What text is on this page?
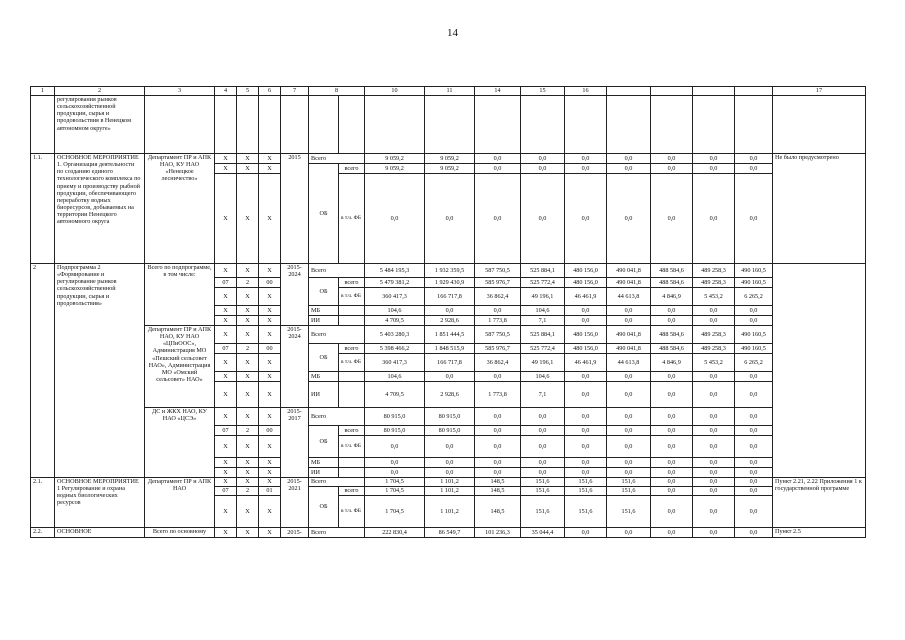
14
1	2	3	4	5	6	7	8		10	11	14	15	16					17
	регулирования рынков сельскохозяйственной продукции, сырья и продовольствия в Ненецком автономном округе»																	
1.1.	ОСНОВНОЕ МЕРОПРИЯТИЕ 1. Организация деятельности по созданию единого технологического комплекса по приему и производству рыбной продукции, обеспечивающего переработку водных биоресурсов, добываемых на территории Ненецкого автономного округа	Департамент ПР и АПК НАО, КУ НАО «Ненецкое лесничество»	X	X	X	2015	Всего		9 059,2	9 059,2	0,0	0,0	0,0	0,0	0,0	0,0	0,0	Не было предусмотрено
			X	X	X		ОБ	всего	9 059,2	9 059,2	0,0	0,0	0,0	0,0	0,0	0,0	0,0	
			X	X	X			в т.ч. ФБ	0,0	0,0	0,0	0,0	0,0	0,0	0,0	0,0	0,0	
2	Подпрограмма 2 «Формирование и регулирование рынков сельскохозяйственной продукции, сырья и продовольствия»	Всего по подпрограмме, в том числе:	X	X	X	2015-2024	Всего		5 484 195,3	1 932 359,5	587 750,5	525 884,1	480 156,0	490 041,8	488 584,6	489 258,3	490 160,5	
			07	2	00		ОБ	всего	5 479 381,2	1 929 430,9	585 976,7	525 772,4	480 156,0	490 041,8	488 584,6	489 258,3	490 160,5	
			X	X	X			в т.ч. ФБ	360 417,3	166 717,8	36 862,4	49 196,1	46 461,9	44 613,8	4 846,9	5 453,2	6 265,2	
			X	X	X		МБ		104,6	0,0	0,0	104,6	0,0	0,0	0,0	0,0	0,0	
			X	X	X		ИИ		4 709,5	2 928,6	1 773,8	7,1	0,0	0,0	0,0	0,0	0,0	
		Департамент ПР и АПК НАО, КУ НАО «ЦПиООС», Администрация МО «Пешский сельсовет НАО», Администрация МО «Омский сельсовет» НАО»	X	X	X	2015-2024	Всего		5 403 280,3	1 851 444,5	587 750,5	525 884,1	480 156,0	490 041,8	488 584,6	489 258,3	490 160,5	
			07	2	00		ОБ	всего	5 398 466,2	1 848 515,9	585 976,7	525 772,4	480 156,0	490 041,8	488 584,6	489 258,3	490 160,5	
			X	X	X			в т.ч. ФБ	360 417,3	166 717,8	36 862,4	49 196,1	46 461,9	44 613,8	4 846,9	5 453,2	6 265,2	
			X	X	X		МБ		104,6	0,0	0,0	104,6	0,0	0,0	0,0	0,0	0,0	
			X	X	X		ИИ		4 709,5	2 928,6	1 773,8	7,1	0,0	0,0	0,0	0,0	0,0	
		ДС и ЖКХ НАО, КУ НАО «ЦСЭ»	X	X	X	2015-2017	Всего		80 915,0	80 915,0	0,0	0,0	0,0	0,0	0,0	0,0	0,0	
			07	2	00		ОБ	всего	80 915,0	80 915,0	0,0	0,0	0,0	0,0	0,0	0,0	0,0	
			X	X	X			в т.ч. ФБ	0,0	0,0	0,0	0,0	0,0	0,0	0,0	0,0	0,0	
			X	X	X		МБ		0,0	0,0	0,0	0,0	0,0	0,0	0,0	0,0	0,0	
			X	X	X		ИИ		0,0	0,0	0,0	0,0	0,0	0,0	0,0	0,0	0,0	
2.1.	ОСНОВНОЕ МЕРОПРИЯТИЕ 1 Регулирование и охрана водных биологических ресурсов	Департамент ПР и АПК НАО	X	X	X	2015-2021	Всего		1 704,5	1 101,2	148,5	151,6	151,6	151,6	0,0	0,0	0,0	Пункт 2.21, 2.22 Приложения 1 к государственной программе
			07	2	01		ОБ	всего	1 704,5	1 101,2	148,5	151,6	151,6	151,6	0,0	0,0	0,0	
			X	X	X			в т.ч. ФБ	1 704,5	1 101,2	148,5	151,6	151,6	151,6	0,0	0,0	0,0	
2.2.	ОСНОВНОЕ	Всего по основному	X	X	X	2015-	Всего		222 830,4	86 549,7	101 236,3	35 044,4	0,0	0,0	0,0	0,0	0,0	Пункт 2.5
